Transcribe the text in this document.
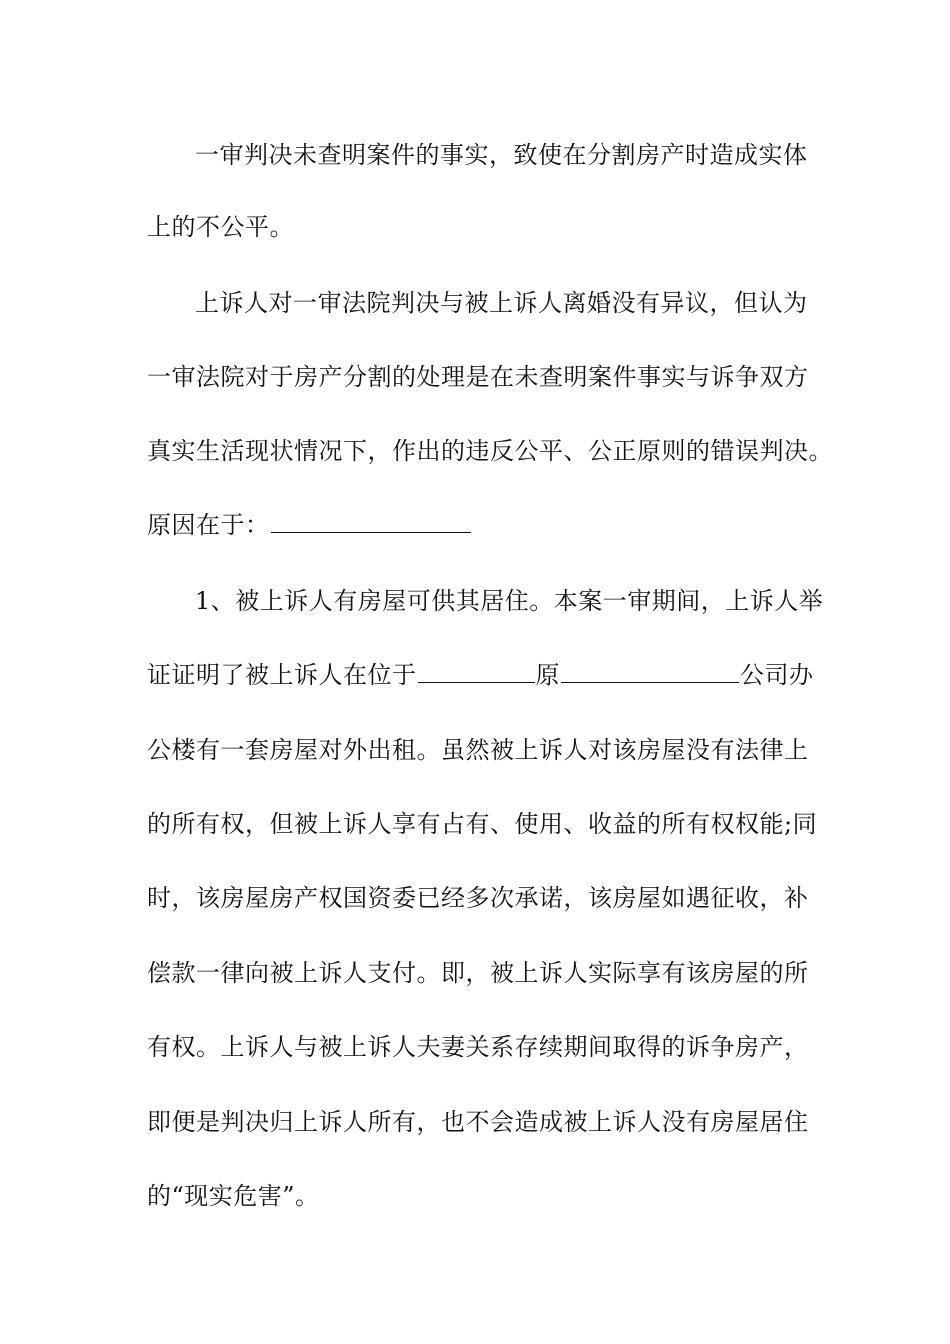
一审判决未查明案件的事实，致使在分割房产时造成实体
上的不公平。
上诉人对一审法院判决与被上诉人离婚没有异议，但认为
一审法院对于房产分割的处理是在未查明案件事实与诉争双方
真实生活现状情况下，作出的违反公平、公正原则的错误判决。
原因在于：
1、被上诉人有房屋可供其居住。本案一审期间，上诉人举
证证明了被上诉人在位于	原	公司办
公楼有一套房屋对外出租。虽然被上诉人对该房屋没有法律上
的所有权，但被上诉人享有占有、使用、收益的所有权权能;同
时，该房屋房产权国资委已经多次承诺，该房屋如遇征收，补
偿款一律向被上诉人支付。即，被上诉人实际享有该房屋的所
有权。上诉人与被上诉人夫妻关系存续期间取得的诉争房产，
即便是判决归上诉人所有，也不会造成被上诉人没有房屋居住
的“现实危害”。
